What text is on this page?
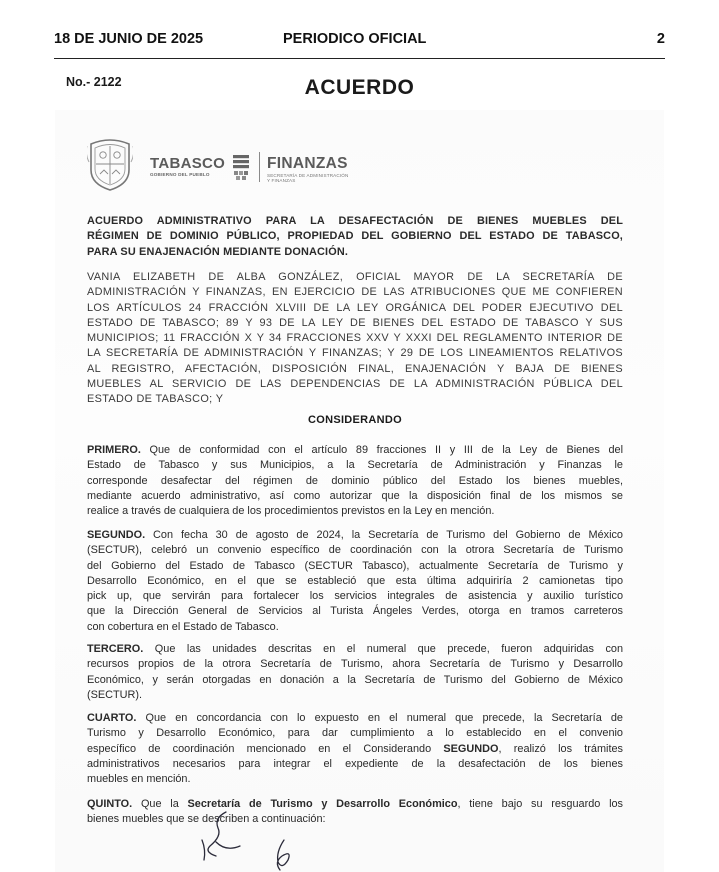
18 DE JUNIO DE 2025	PERIODICO OFICIAL	2
No.- 2122	ACUERDO
TABASCO
GOBIERNO DEL PUEBLO
FINANZAS
SECRETARÍA DE ADMINISTRACIÓN
Y FINANZAS
ACUERDO ADMINISTRATIVO PARA LA DESAFECTACIÓN DE BIENES MUEBLES DEL
RÉGIMEN DE DOMINIO PÚBLICO, PROPIEDAD DEL GOBIERNO DEL ESTADO DE TABASCO,
PARA SU ENAJENACIÓN MEDIANTE DONACIÓN.
VANIA ELIZABETH DE ALBA GONZÁLEZ, OFICIAL MAYOR DE LA SECRETARÍA DE
ADMINISTRACIÓN Y FINANZAS, EN EJERCICIO DE LAS ATRIBUCIONES QUE ME CONFIEREN
LOS ARTÍCULOS 24 FRACCIÓN XLVIII DE LA LEY ORGÁNICA DEL PODER EJECUTIVO DEL
ESTADO DE TABASCO; 89 Y 93 DE LA LEY DE BIENES DEL ESTADO DE TABASCO Y SUS
MUNICIPIOS; 11 FRACCIÓN X Y 34 FRACCIONES XXV Y XXXI DEL REGLAMENTO INTERIOR DE
LA SECRETARÍA DE ADMINISTRACIÓN Y FINANZAS; Y 29 DE LOS LINEAMIENTOS RELATIVOS
AL REGISTRO, AFECTACIÓN, DISPOSICIÓN FINAL, ENAJENACIÓN Y BAJA DE BIENES
MUEBLES AL SERVICIO DE LAS DEPENDENCIAS DE LA ADMINISTRACIÓN PÚBLICA DEL
ESTADO DE TABASCO; Y
CONSIDERANDO
PRIMERO. Que de conformidad con el artículo 89 fracciones II y III de la Ley de Bienes del
Estado de Tabasco y sus Municipios, a la Secretaría de Administración y Finanzas le
corresponde desafectar del régimen de dominio público del Estado los bienes muebles,
mediante acuerdo administrativo, así como autorizar que la disposición final de los mismos se
realice a través de cualquiera de los procedimientos previstos en la Ley en mención.
SEGUNDO. Con fecha 30 de agosto de 2024, la Secretaría de Turismo del Gobierno de México
(SECTUR), celebró un convenio específico de coordinación con la otrora Secretaría de Turismo
del Gobierno del Estado de Tabasco (SECTUR Tabasco), actualmente Secretaría de Turismo y
Desarrollo Económico, en el que se estableció que esta última adquiriría 2 camionetas tipo
pick up, que servirán para fortalecer los servicios integrales de asistencia y auxilio turístico
que la Dirección General de Servicios al Turista Ángeles Verdes, otorga en tramos carreteros
con cobertura en el Estado de Tabasco.
TERCERO. Que las unidades descritas en el numeral que precede, fueron adquiridas con
recursos propios de la otrora Secretaría de Turismo, ahora Secretaría de Turismo y Desarrollo
Económico, y serán otorgadas en donación a la Secretaría de Turismo del Gobierno de México
(SECTUR).
CUARTO. Que en concordancia con lo expuesto en el numeral que precede, la Secretaría de
Turismo y Desarrollo Económico, para dar cumplimiento a lo establecido en el convenio
específico de coordinación mencionado en el Considerando SEGUNDO, realizó los trámites
administrativos necesarios para integrar el expediente de la desafectación de los bienes
muebles en mención.
QUINTO. Que la Secretaría de Turismo y Desarrollo Económico, tiene bajo su resguardo los
bienes muebles que se describen a continuación:
